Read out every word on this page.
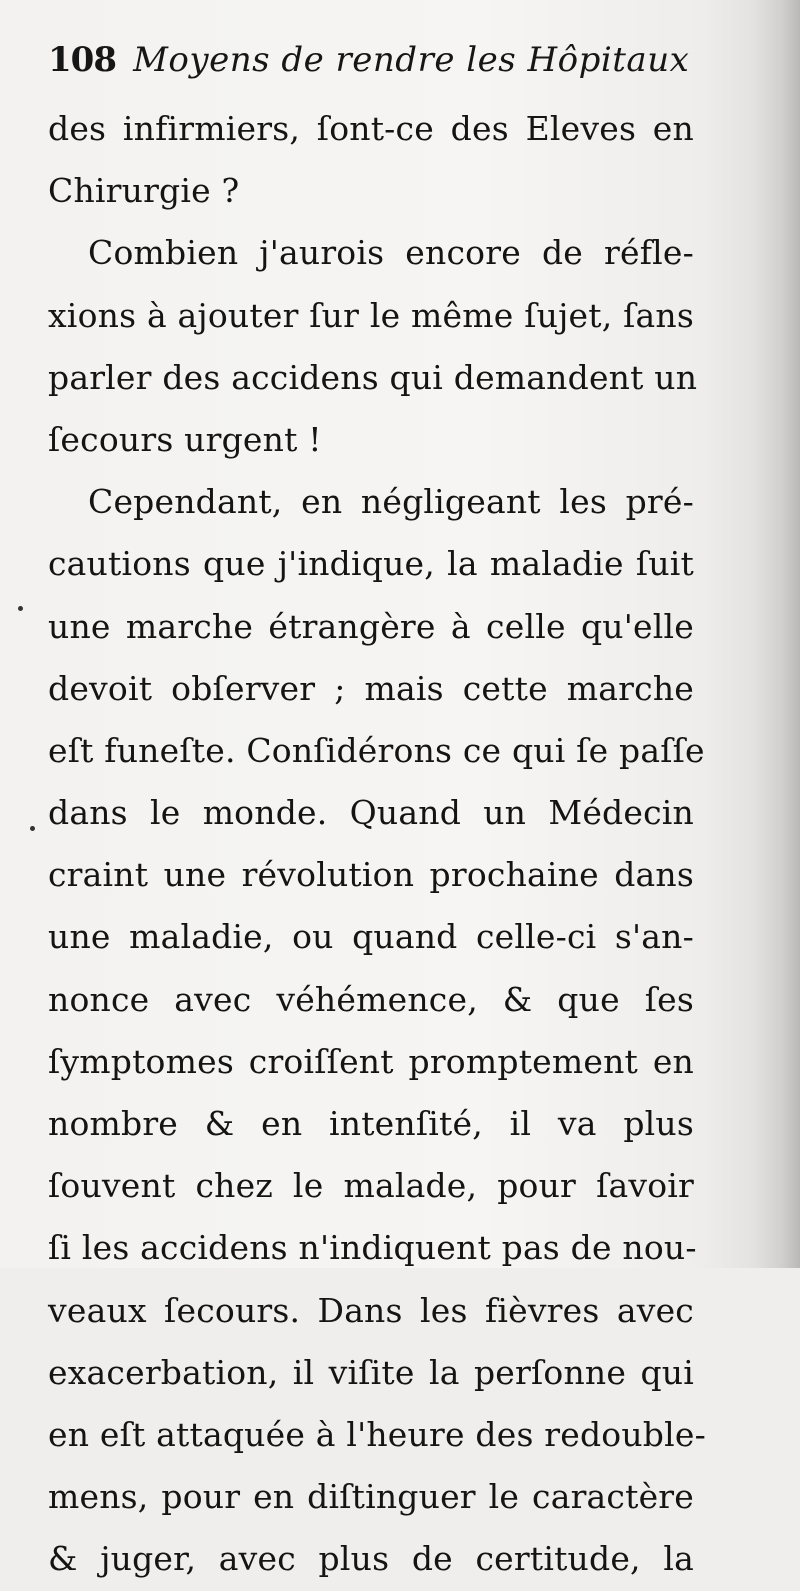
108 Moyens de rendre les Hôpitaux
des infirmiers, ſont-ce des Eleves en
Chirurgie ?
Combien j'aurois encore de réfle-
xions à ajouter ſur le même ſujet, ſans
parler des accidens qui demandent un
ſecours urgent !
Cependant, en négligeant les pré-
cautions que j'indique, la maladie ſuit
une marche étrangère à celle qu'elle
devoit obſerver ; mais cette marche
eſt funeſte. Conſidérons ce qui ſe paſſe
dans le monde. Quand un Médecin
craint une révolution prochaine dans
une maladie, ou quand celle-ci s'an-
nonce avec véhémence, & que ſes
ſymptomes croiſſent promptement en
nombre & en intenſité, il va plus
ſouvent chez le malade, pour ſavoir
ſi les accidens n'indiquent pas de nou-
veaux ſecours. Dans les fièvres avec
exacerbation, il viſite la perſonne qui
en eſt attaquée à l'heure des redouble-
mens, pour en diſtinguer le caractère
& juger, avec plus de certitude, la
